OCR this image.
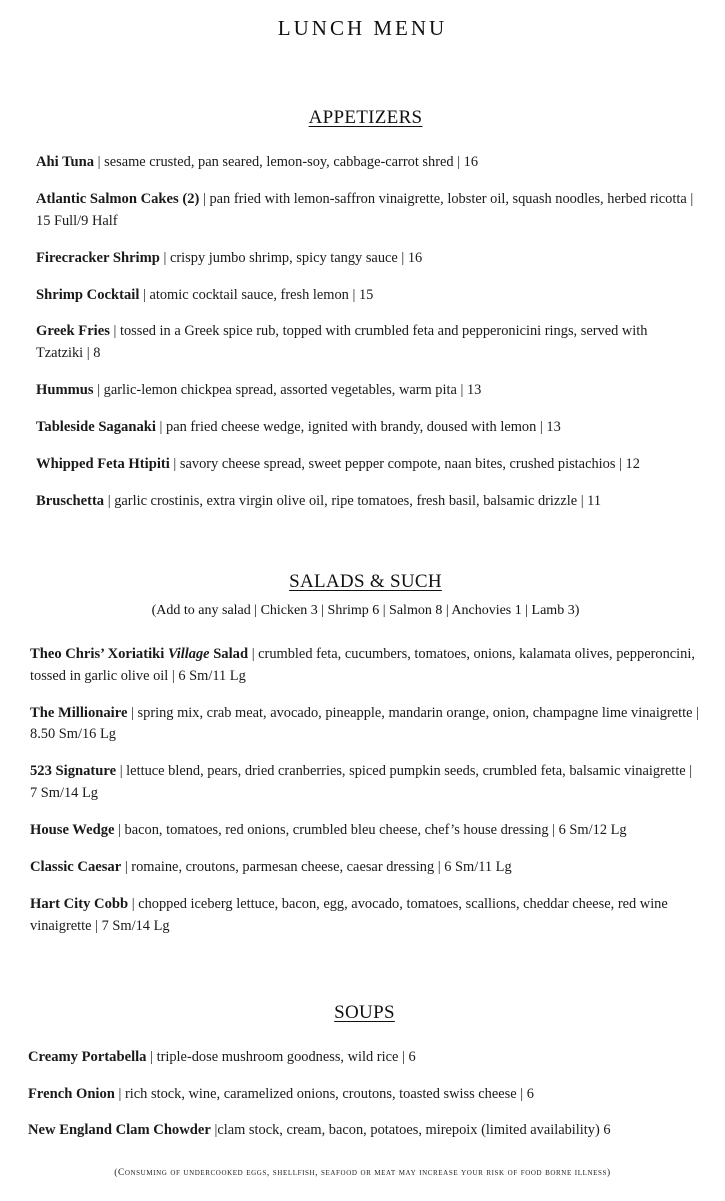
LUNCH MENU
APPETIZERS
Ahi Tuna | sesame crusted, pan seared, lemon-soy, cabbage-carrot shred | 16
Atlantic Salmon Cakes (2) | pan fried with lemon-saffron vinaigrette, lobster oil, squash noodles, herbed ricotta | 15 Full/9 Half
Firecracker Shrimp | crispy jumbo shrimp, spicy tangy sauce | 16
Shrimp Cocktail | atomic cocktail sauce, fresh lemon | 15
Greek Fries | tossed in a Greek spice rub, topped with crumbled feta and pepperonicini rings, served with Tzatziki | 8
Hummus | garlic-lemon chickpea spread, assorted vegetables, warm pita | 13
Tableside Saganaki | pan fried cheese wedge, ignited with brandy, doused with lemon | 13
Whipped Feta Htipiti | savory cheese spread, sweet pepper compote, naan bites, crushed pistachios | 12
Bruschetta | garlic crostinis, extra virgin olive oil, ripe tomatoes, fresh basil, balsamic drizzle | 11
SALADS & SUCH
(Add to any salad | Chicken 3 | Shrimp 6 | Salmon 8 | Anchovies 1 | Lamb 3)
Theo Chris’ Xoriatiki Village Salad | crumbled feta, cucumbers, tomatoes, onions, kalamata olives, pepperoncini, tossed in garlic olive oil | 6 Sm/11 Lg
The Millionaire | spring mix, crab meat, avocado, pineapple, mandarin orange, onion, champagne lime vinaigrette | 8.50 Sm/16 Lg
523 Signature | lettuce blend, pears, dried cranberries, spiced pumpkin seeds, crumbled feta, balsamic vinaigrette | 7 Sm/14 Lg
House Wedge | bacon, tomatoes, red onions, crumbled bleu cheese, chef’s house dressing | 6 Sm/12 Lg
Classic Caesar | romaine, croutons, parmesan cheese, caesar dressing | 6 Sm/11 Lg
Hart City Cobb | chopped iceberg lettuce, bacon, egg, avocado, tomatoes, scallions, cheddar cheese, red wine vinaigrette | 7 Sm/14 Lg
SOUPS
Creamy Portabella | triple-dose mushroom goodness, wild rice | 6
French Onion | rich stock, wine, caramelized onions, croutons, toasted swiss cheese | 6
New England Clam Chowder |clam stock, cream, bacon, potatoes, mirepoix (limited availability) 6
(Consuming of undercooked eggs, shellfish, seafood or meat may increase your risk of food borne illness)
